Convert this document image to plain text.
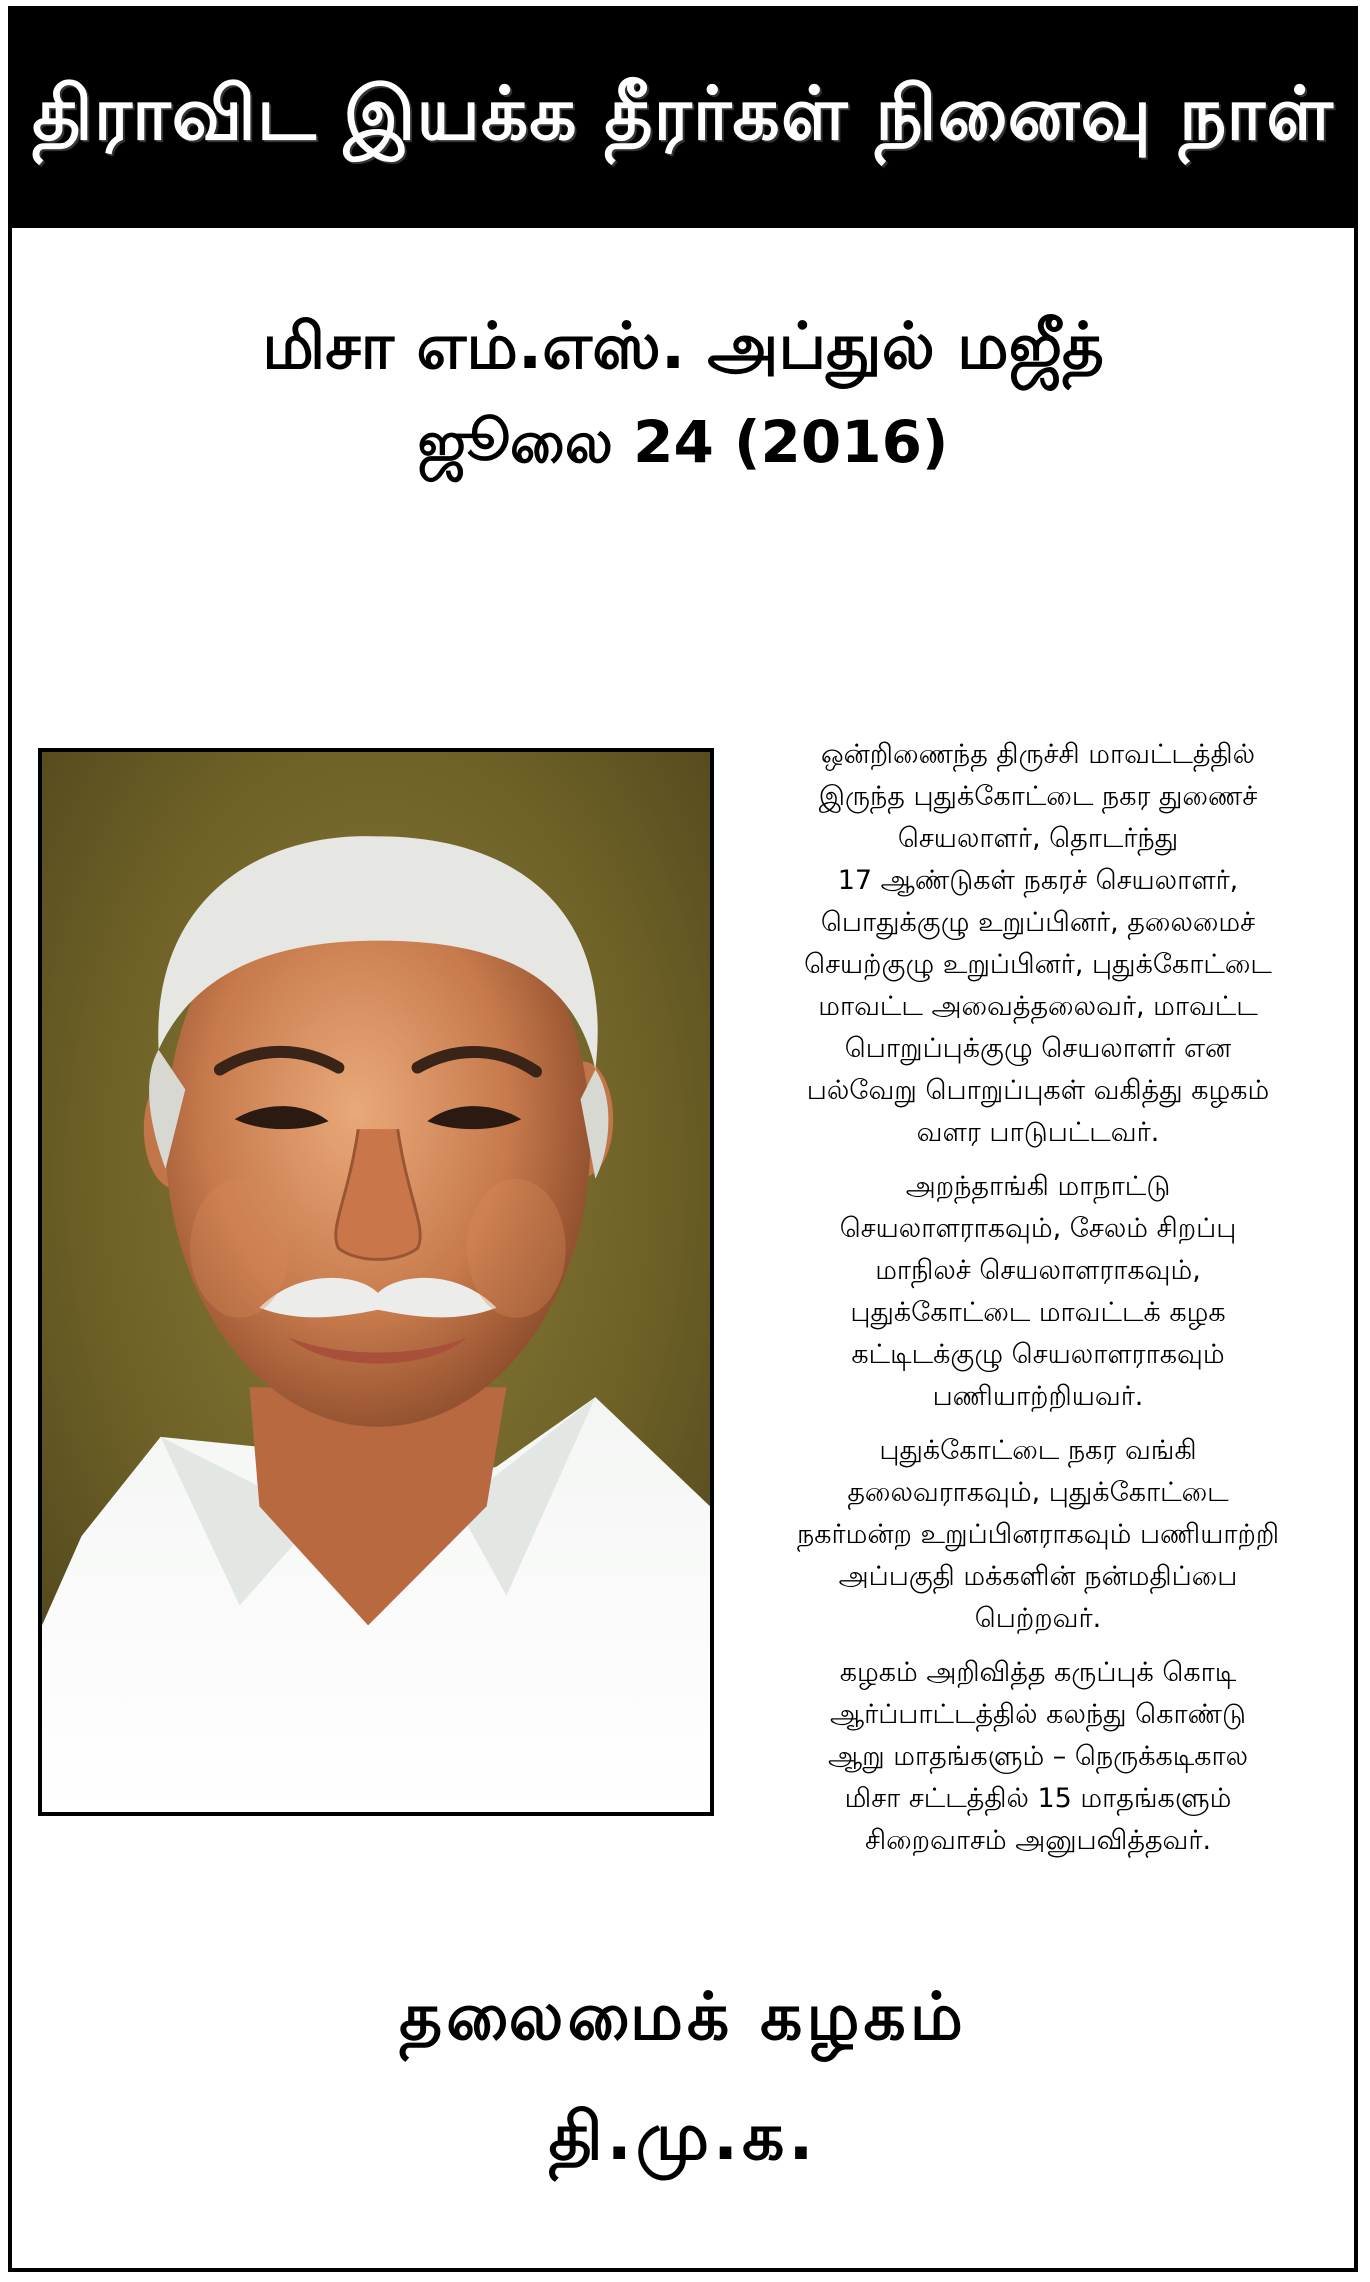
திராவிட இயக்க தீரர்கள் நினைவு நாள்
மிசா எம்.எஸ். அப்துல் மஜீத்
ஜூலை 24 (2016)

ஒன்றிணைந்த திருச்சி மாவட்டத்தில்
இருந்த புதுக்கோட்டை நகர துணைச்
செயலாளர், தொடர்ந்து
17 ஆண்டுகள் நகரச் செயலாளர்,
பொதுக்குழு உறுப்பினர், தலைமைச்
செயற்குழு உறுப்பினர், புதுக்கோட்டை
மாவட்ட அவைத்தலைவர், மாவட்ட
பொறுப்புக்குழு செயலாளர் என
பல்வேறு பொறுப்புகள் வகித்து கழகம்
வளர பாடுபட்டவர்.

அறந்தாங்கி மாநாட்டு
செயலாளராகவும், சேலம் சிறப்பு
மாநிலச் செயலாளராகவும்,
புதுக்கோட்டை மாவட்டக் கழக
கட்டிடக்குழு செயலாளராகவும்
பணியாற்றியவர்.

புதுக்கோட்டை நகர வங்கி
தலைவராகவும், புதுக்கோட்டை
நகர்மன்ற உறுப்பினராகவும் பணியாற்றி
அப்பகுதி மக்களின் நன்மதிப்பை
பெற்றவர்.

கழகம் அறிவித்த கருப்புக் கொடி
ஆர்ப்பாட்டத்தில் கலந்து கொண்டு
ஆறு மாதங்களும் – நெருக்கடிகால
மிசா சட்டத்தில் 15 மாதங்களும்
சிறைவாசம் அனுபவித்தவர்.

தலைமைக் கழகம்
தி.மு.க.
